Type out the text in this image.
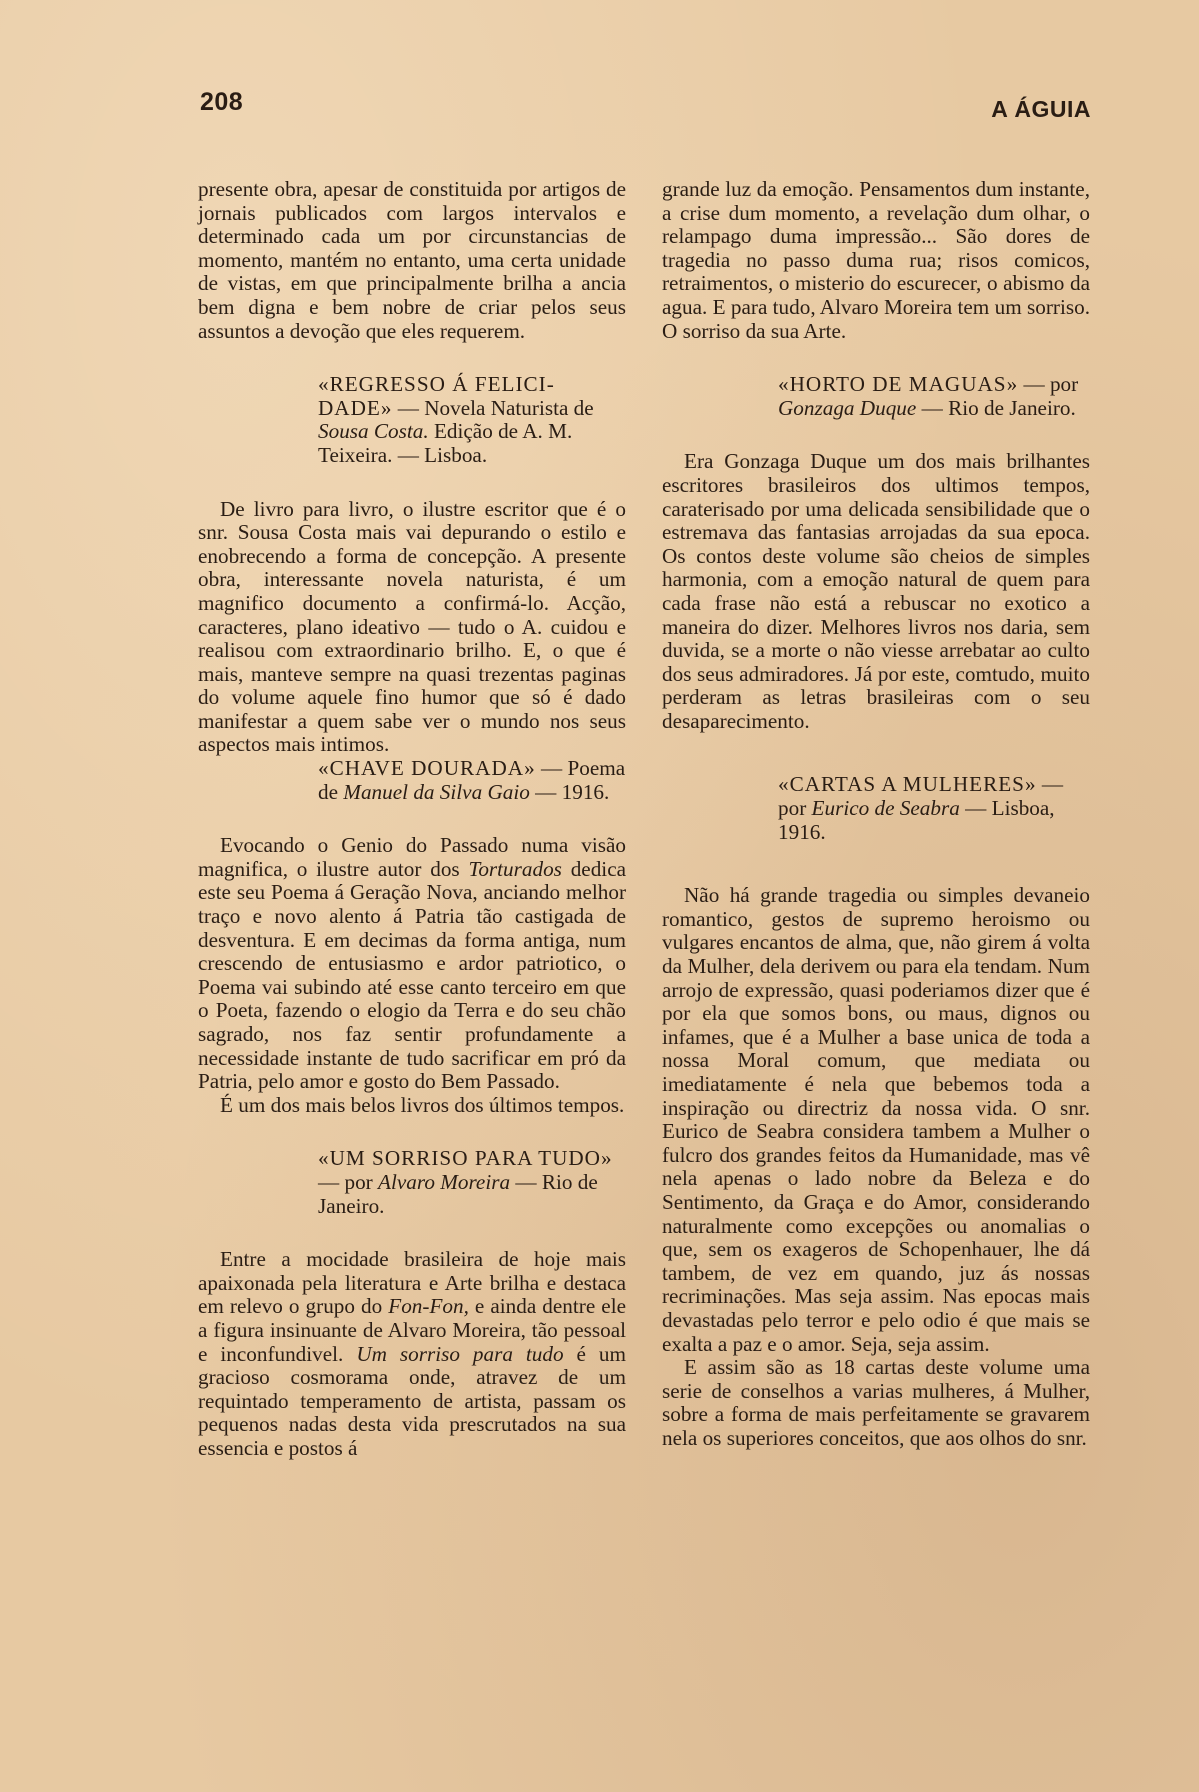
208	A ÁGUIA

presente obra, apesar de constituida por artigos de jornais publicados com largos intervalos e determinado cada um por circunstancias de momento, mantém no entanto, uma certa unidade de vistas, em que principalmente brilha a ancia bem digna e bem nobre de criar pelos seus assuntos a devoção que eles requerem.

«REGRESSO Á FELICI-DADE» — Novela Naturista de Sousa Costa. Edição de A. M. Teixeira. — Lisboa.

De livro para livro, o ilustre escritor que é o snr. Sousa Costa mais vai depurando o estilo e enobrecendo a forma de concepção. A presente obra, interessante novela naturista, é um magnifico documento a confirmá-lo. Acção, caracteres, plano ideativo — tudo o A. cuidou e realisou com extraordinario brilho. E, o que é mais, manteve sempre na quasi trezentas paginas do volume aquele fino humor que só é dado manifestar a quem sabe ver o mundo nos seus aspectos mais intimos.

«CHAVE DOURADA» — Poema de Manuel da Silva Gaio — 1916.

Evocando o Genio do Passado numa visão magnifica, o ilustre autor dos Torturados dedica este seu Poema á Geração Nova, anciando melhor traço e novo alento á Patria tão castigada de desventura. E em decimas da forma antiga, num crescendo de entusiasmo e ardor patriotico, o Poema vai subindo até esse canto terceiro em que o Poeta, fazendo o elogio da Terra e do seu chão sagrado, nos faz sentir profundamente a necessidade instante de tudo sacrificar em pró da Patria, pelo amor e gosto do Bem Passado.

É um dos mais belos livros dos últimos tempos.

«UM SORRISO PARA TUDO» — por Alvaro Moreira — Rio de Janeiro.

Entre a mocidade brasileira de hoje mais apaixonada pela literatura e Arte brilha e destaca em relevo o grupo do Fon-Fon, e ainda dentre ele a figura insinuante de Alvaro Moreira, tão pessoal e inconfundivel. Um sorriso para tudo é um gracioso cosmorama onde, atravez de um requintado temperamento de artista, passam os pequenos nadas desta vida prescrutados na sua essencia e postos á

grande luz da emoção. Pensamentos dum instante, a crise dum momento, a revelação dum olhar, o relampago duma impressão... São dores de tragedia no passo duma rua; risos comicos, retraimentos, o misterio do escurecer, o abismo da agua. E para tudo, Alvaro Moreira tem um sorriso. O sorriso da sua Arte.

«HORTO DE MAGUAS» — por Gonzaga Duque — Rio de Janeiro.

Era Gonzaga Duque um dos mais brilhantes escritores brasileiros dos ultimos tempos, caraterisado por uma delicada sensibilidade que o estremava das fantasias arrojadas da sua epoca. Os contos deste volume são cheios de simples harmonia, com a emoção natural de quem para cada frase não está a rebuscar no exotico a maneira do dizer. Melhores livros nos daria, sem duvida, se a morte o não viesse arrebatar ao culto dos seus admiradores. Já por este, comtudo, muito perderam as letras brasileiras com o seu desaparecimento.

«CARTAS A MULHERES» — por Eurico de Seabra — Lisboa, 1916.

Não há grande tragedia ou simples devaneio romantico, gestos de supremo heroismo ou vulgares encantos de alma, que, não girem á volta da Mulher, dela derivem ou para ela tendam. Num arrojo de expressão, quasi poderiamos dizer que é por ela que somos bons, ou maus, dignos ou infames, que é a Mulher a base unica de toda a nossa Moral comum, que mediata ou imediatamente é nela que bebemos toda a inspiração ou directriz da nossa vida. O snr. Eurico de Seabra considera tambem a Mulher o fulcro dos grandes feitos da Humanidade, mas vê nela apenas o lado nobre da Beleza e do Sentimento, da Graça e do Amor, considerando naturalmente como excepções ou anomalias o que, sem os exageros de Schopenhauer, lhe dá tambem, de vez em quando, juz ás nossas recriminações. Mas seja assim. Nas epocas mais devastadas pelo terror e pelo odio é que mais se exalta a paz e o amor. Seja, seja assim.

E assim são as 18 cartas deste volume uma serie de conselhos a varias mulheres, á Mulher, sobre a forma de mais perfeitamente se gravarem nela os superiores conceitos, que aos olhos do snr.
